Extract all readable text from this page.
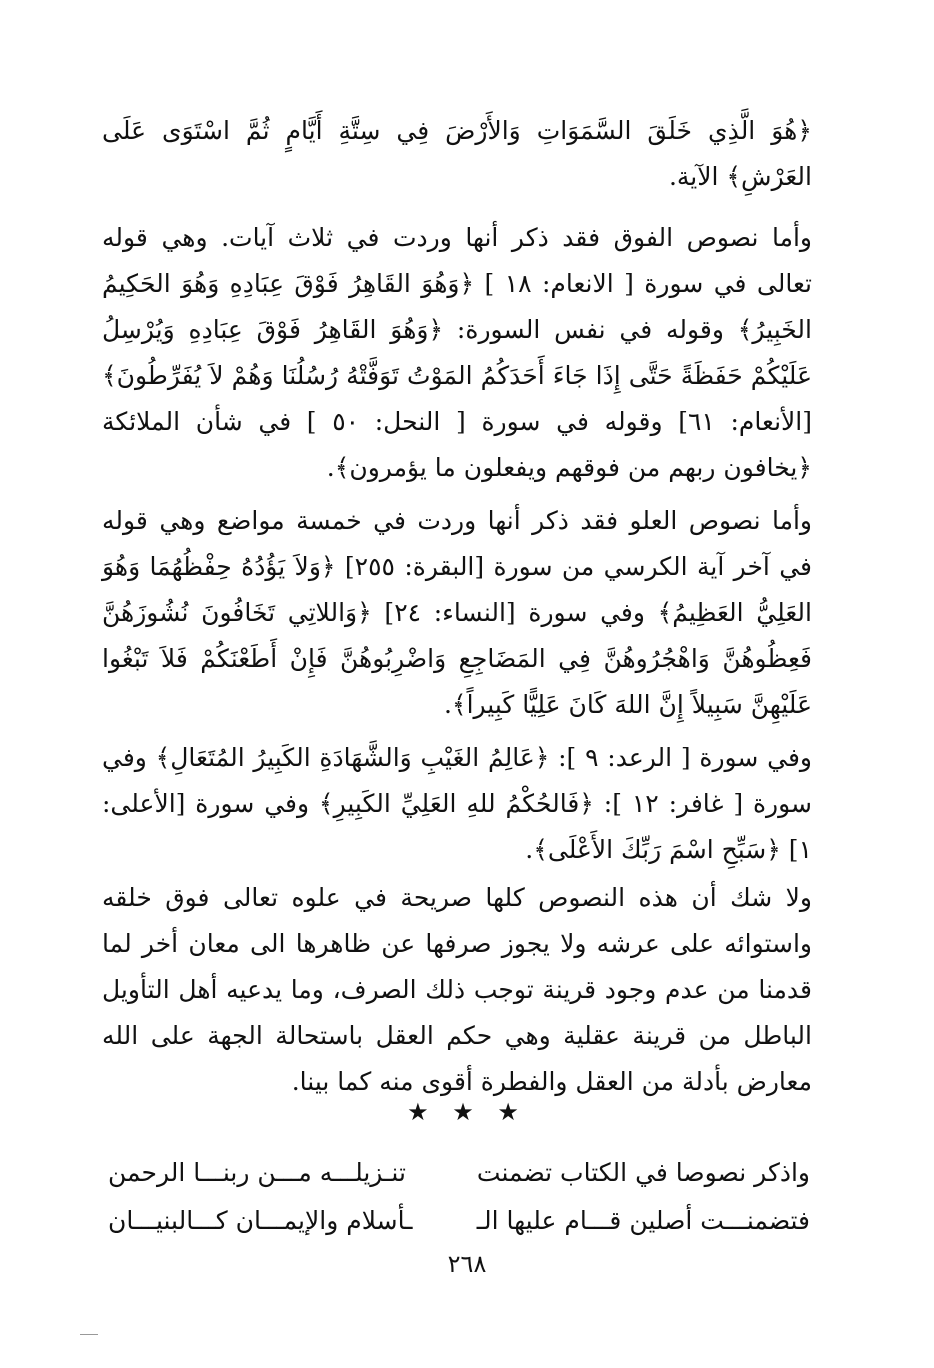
﴿هُوَ الَّذِي خَلَقَ السَّمَوَاتِ وَالأَرْضَ فِي سِتَّةِ أَيَّامٍ ثُمَّ اسْتَوَى عَلَى العَرْشِ﴾ الآية.

وأما نصوص الفوق فقد ذكر أنها وردت في ثلاث آيات. وهي قوله تعالى في سورة [ الانعام: ١٨ ] ﴿وَهُوَ القَاهِرُ فَوْقَ عِبَادِهِ وَهُوَ الحَكِيمُ الخَبِيرُ﴾ وقوله في نفس السورة: ﴿وَهُوَ القَاهِرُ فَوْقَ عِبَادِهِ وَيُرْسِلُ عَلَيْكُمْ حَفَظَةً حَتَّى إِذَا جَاءَ أَحَدَكُمُ المَوْتُ تَوَفَّتْهُ رُسُلُنَا وَهُمْ لاَ يُفَرِّطُونَ﴾ [الأنعام: ٦١] وقوله في سورة [ النحل: ٥٠ ] في شأن الملائكة ﴿يخافون ربهم من فوقهم ويفعلون ما يؤمرون﴾.

وأما نصوص العلو فقد ذكر أنها وردت في خمسة مواضع وهي قوله في آخر آية الكرسي من سورة [البقرة: ٢٥٥] ﴿وَلاَ يَؤُدُهُ حِفْظُهُمَا وَهُوَ العَلِيُّ العَظِيمُ﴾ وفي سورة [النساء: ٢٤] ﴿وَاللاتِي تَخَافُونَ نُشُوزَهُنَّ فَعِظُوهُنَّ وَاهْجُرُوهُنَّ فِي المَضَاجِعِ وَاضْرِبُوهُنَّ فَإِنْ أَطَعْنَكُمْ فَلاَ تَبْغُوا عَلَيْهِنَّ سَبِيلاً إِنَّ اللهَ كَانَ عَلِيًّا كَبِيراً﴾.

وفي سورة [ الرعد: ٩ ]: ﴿عَالِمُ الغَيْبِ وَالشَّهَادَةِ الكَبِيرُ المُتَعَالِ﴾ وفي سورة [ غافر: ١٢ ]: ﴿فَالحُكْمُ للهِ العَلِيِّ الكَبِيرِ﴾ وفي سورة [الأعلى: ١] ﴿سَبِّحِ اسْمَ رَبِّكَ الأَعْلَى﴾.

ولا شك أن هذه النصوص كلها صريحة في علوه تعالى فوق خلقه واستوائه على عرشه ولا يجوز صرفها عن ظاهرها الى معان أخر لما قدمنا من عدم وجود قرينة توجب ذلك الصرف، وما يدعيه أهل التأويل الباطل من قرينة عقلية وهي حكم العقل باستحالة الجهة على الله معارض بأدلة من العقل والفطرة أقوى منه كما بينا.

★ ★ ★
واذكر نصوصا في الكتاب تضمنت
تنـزيلـــه مـــن ربنـــا الرحمن
فتضمنـــت أصلين قـــام عليها الـ
ـأسلام والإيمـــان كـــالبنيـــان
٢٦٨
